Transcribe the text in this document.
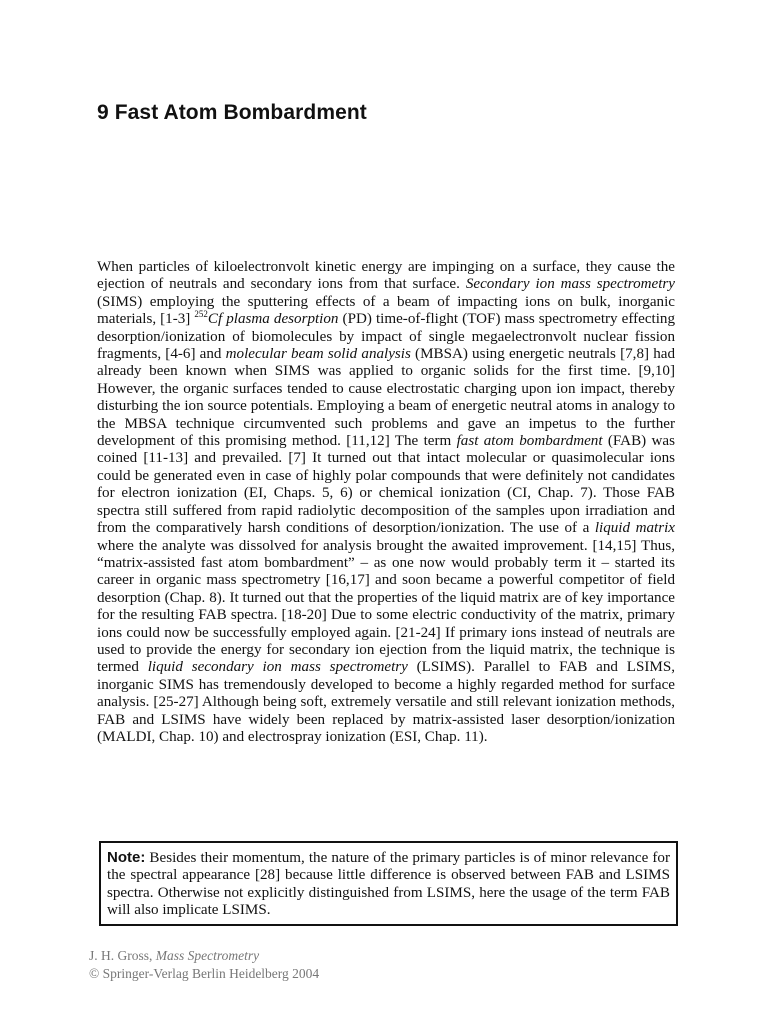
9 Fast Atom Bombardment

When particles of kiloelectronvolt kinetic energy are impinging on a surface, they cause the ejection of neutrals and secondary ions from that surface. Secondary ion mass spectrometry (SIMS) employing the sputtering effects of a beam of impacting ions on bulk, inorganic materials, [1-3] $^{252}$Cf plasma desorption (PD) time-of-flight (TOF) mass spectrometry effecting desorption/ionization of biomolecules by impact of single megaelectronvolt nuclear fission fragments, [4-6] and molecular beam solid analysis (MBSA) using energetic neutrals [7,8] had already been known when SIMS was applied to organic solids for the first time. [9,10] However, the organic surfaces tended to cause electrostatic charging upon ion impact, thereby disturbing the ion source potentials. Employing a beam of energetic neutral atoms in analogy to the MBSA technique circumvented such problems and gave an impetus to the further development of this promising method. [11,12] The term fast atom bombardment (FAB) was coined [11-13] and prevailed. [7] It turned out that intact molecular or quasimolecular ions could be generated even in case of highly polar compounds that were definitely not candidates for electron ionization (EI, Chaps. 5, 6) or chemical ionization (CI, Chap. 7). Those FAB spectra still suffered from rapid radiolytic decomposition of the samples upon irradiation and from the comparatively harsh conditions of desorption/ionization. The use of a liquid matrix where the analyte was dissolved for analysis brought the awaited improvement. [14,15] Thus, “matrix-assisted fast atom bombardment” – as one now would probably term it – started its career in organic mass spectrometry [16,17] and soon became a powerful competitor of field desorption (Chap. 8). It turned out that the properties of the liquid matrix are of key importance for the resulting FAB spectra. [18-20] Due to some electric conductivity of the matrix, primary ions could now be successfully employed again. [21-24] If primary ions instead of neutrals are used to provide the energy for secondary ion ejection from the liquid matrix, the technique is termed liquid secondary ion mass spectrometry (LSIMS). Parallel to FAB and LSIMS, inorganic SIMS has tremendously developed to become a highly regarded method for surface analysis. [25-27] Although being soft, extremely versatile and still relevant ionization methods, FAB and LSIMS have widely been replaced by matrix-assisted laser desorption/ionization (MALDI, Chap. 10) and electrospray ionization (ESI, Chap. 11).

Note: Besides their momentum, the nature of the primary particles is of minor relevance for the spectral appearance [28] because little difference is observed between FAB and LSIMS spectra. Otherwise not explicitly distinguished from LSIMS, here the usage of the term FAB will also implicate LSIMS.
J. H. Gross, Mass Spectrometry
© Springer-Verlag Berlin Heidelberg 2004
